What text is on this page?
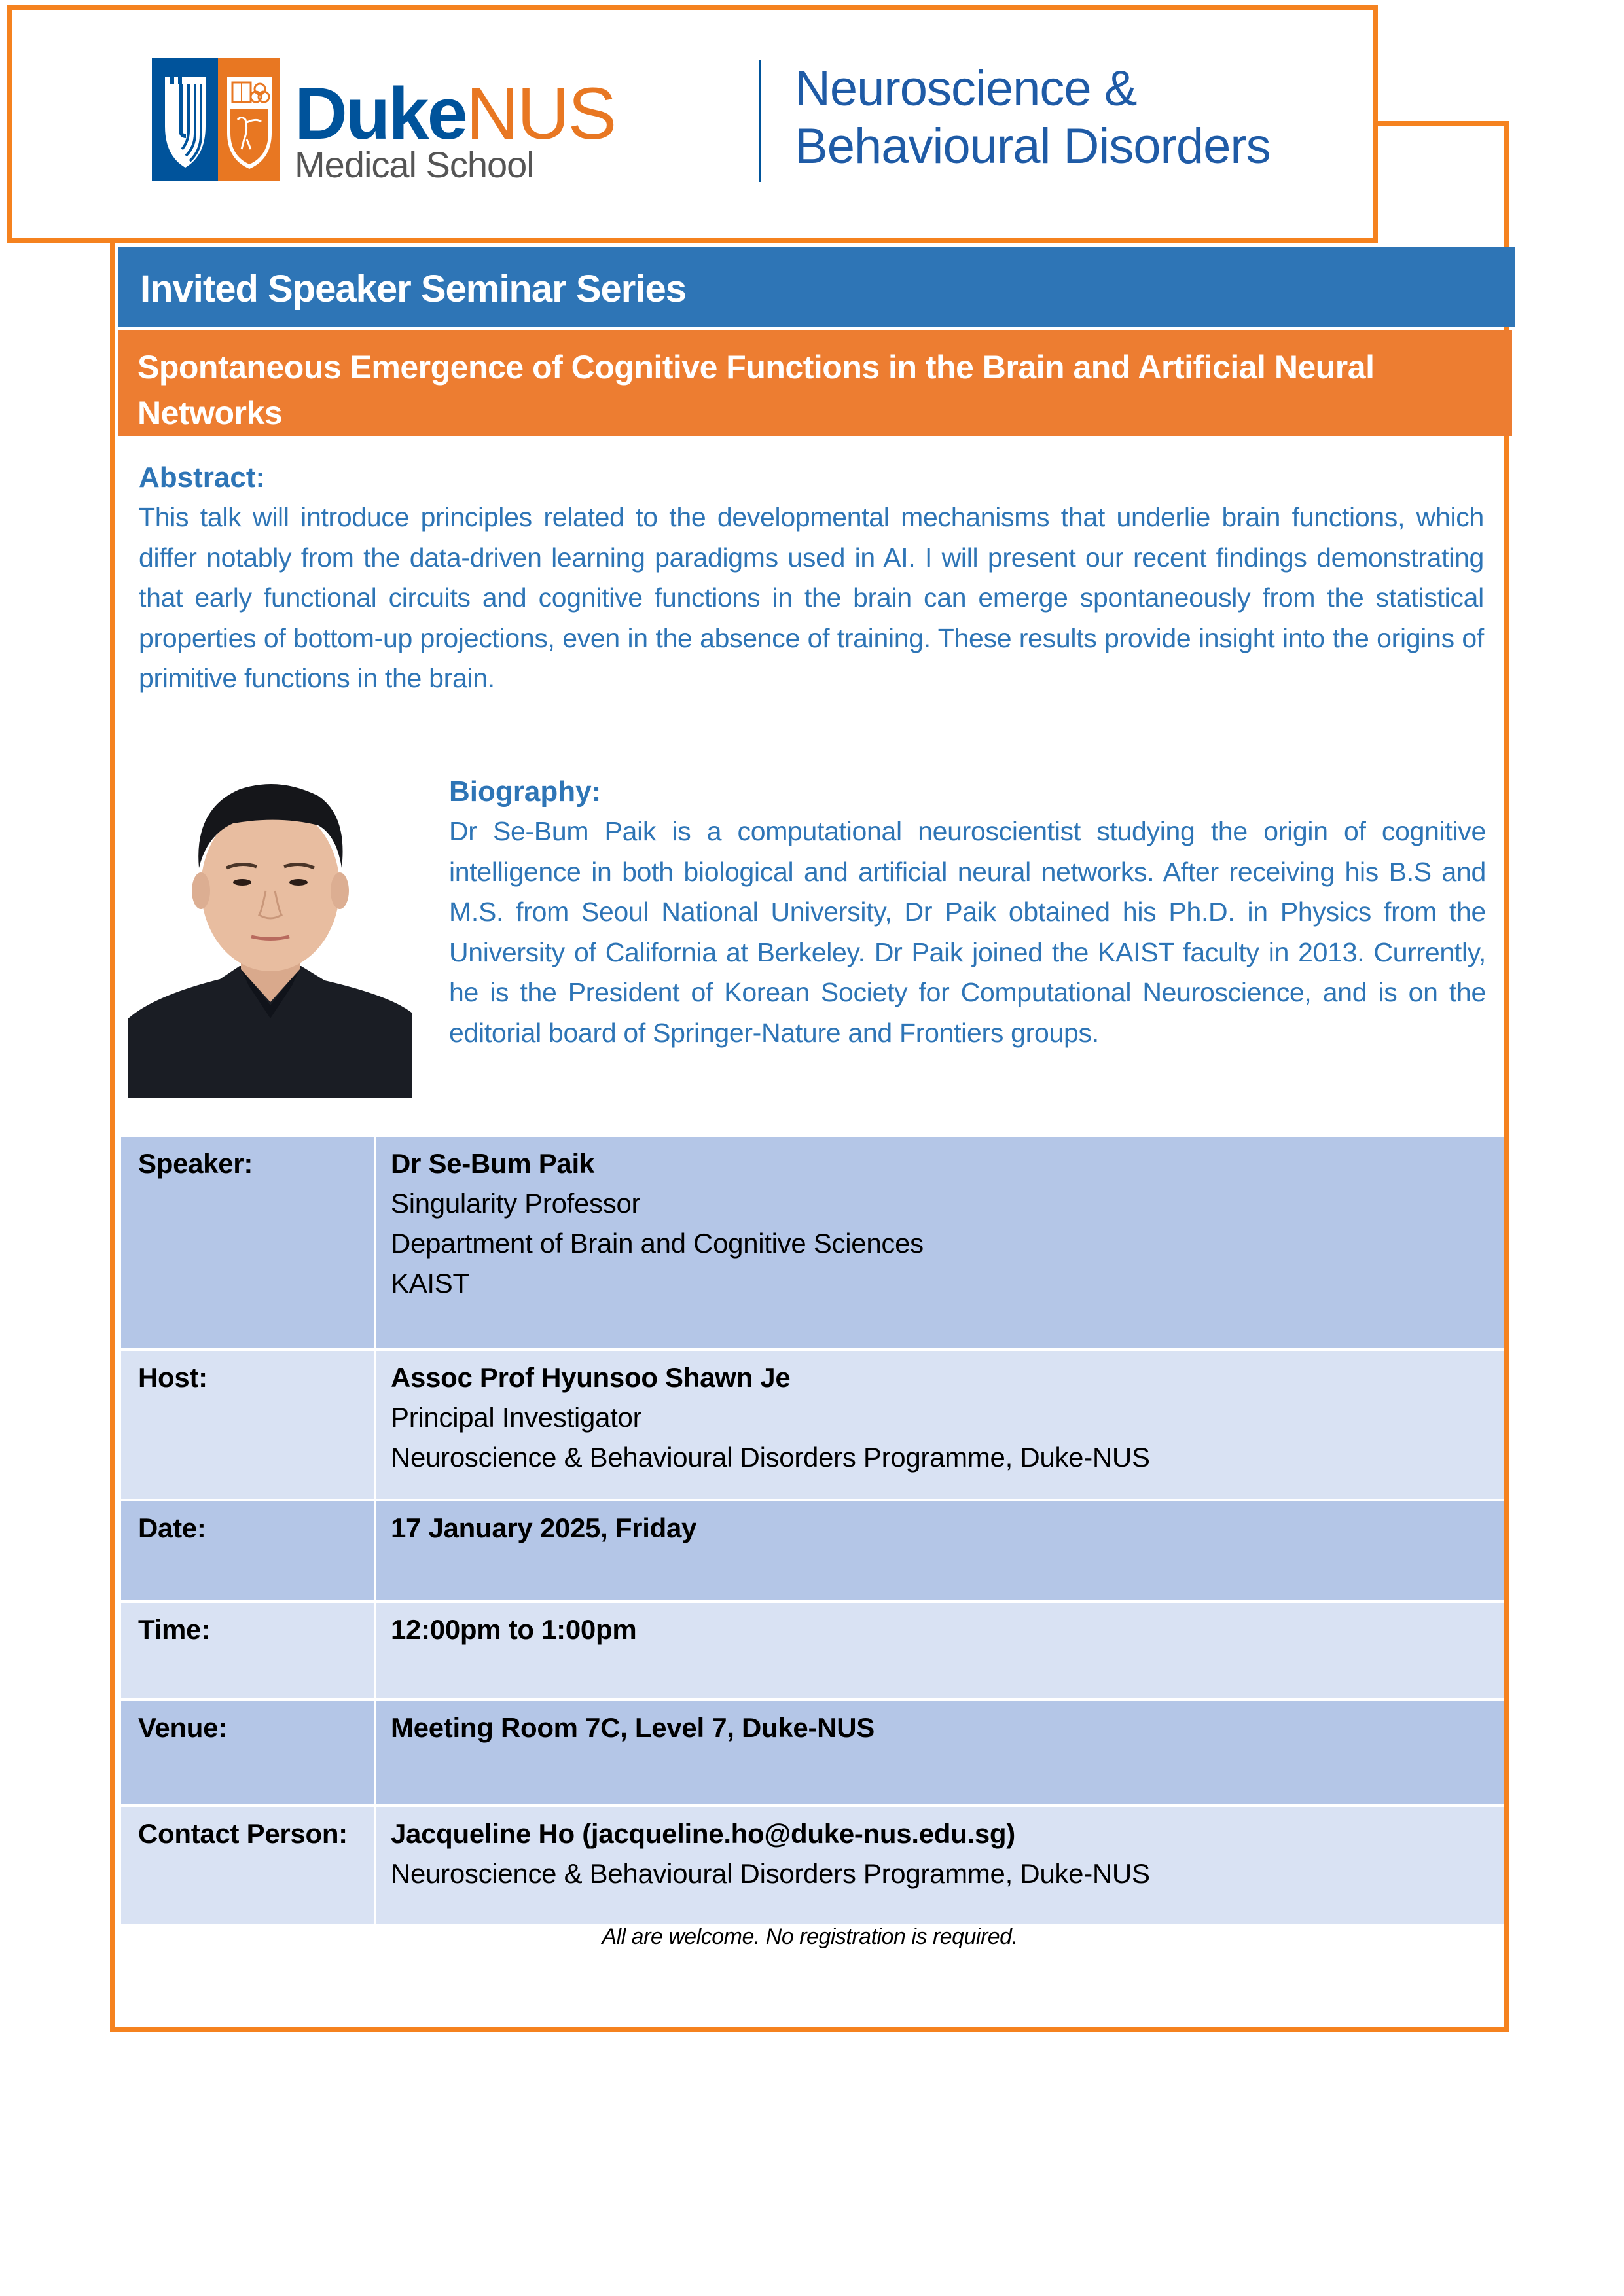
DukeNUS
Medical School
Neuroscience &
Behavioural Disorders
Invited Speaker Seminar Series
Spontaneous Emergence of Cognitive Functions in the Brain and Artificial Neural Networks
Abstract:
This talk will introduce principles related to the developmental mechanisms that underlie brain functions, which differ notably from the data-driven learning paradigms used in AI. I will present our recent findings demonstrating that early functional circuits and cognitive functions in the brain can emerge spontaneously from the statistical properties of bottom-up projections, even in the absence of training. These results provide insight into the origins of primitive functions in the brain.
Biography:
Dr Se-Bum Paik is a computational neuroscientist studying the origin of cognitive intelligence in both biological and artificial neural networks. After receiving his B.S and M.S. from Seoul National University, Dr Paik obtained his Ph.D. in Physics from the University of California at Berkeley. Dr Paik joined the KAIST faculty in 2013. Currently, he is the President of Korean Society for Computational Neuroscience, and is on the editorial board of Springer-Nature and Frontiers groups.
Speaker:	Dr Se-Bum Paik
Singularity Professor
Department of Brain and Cognitive Sciences
KAIST
Host:	Assoc Prof Hyunsoo Shawn Je
Principal Investigator
Neuroscience & Behavioural Disorders Programme, Duke-NUS
Date:	17 January 2025, Friday
Time:	12:00pm to 1:00pm
Venue:	Meeting Room 7C, Level 7, Duke-NUS
Contact Person:	Jacqueline Ho (jacqueline.ho@duke-nus.edu.sg)
Neuroscience & Behavioural Disorders Programme, Duke-NUS
All are welcome. No registration is required.
